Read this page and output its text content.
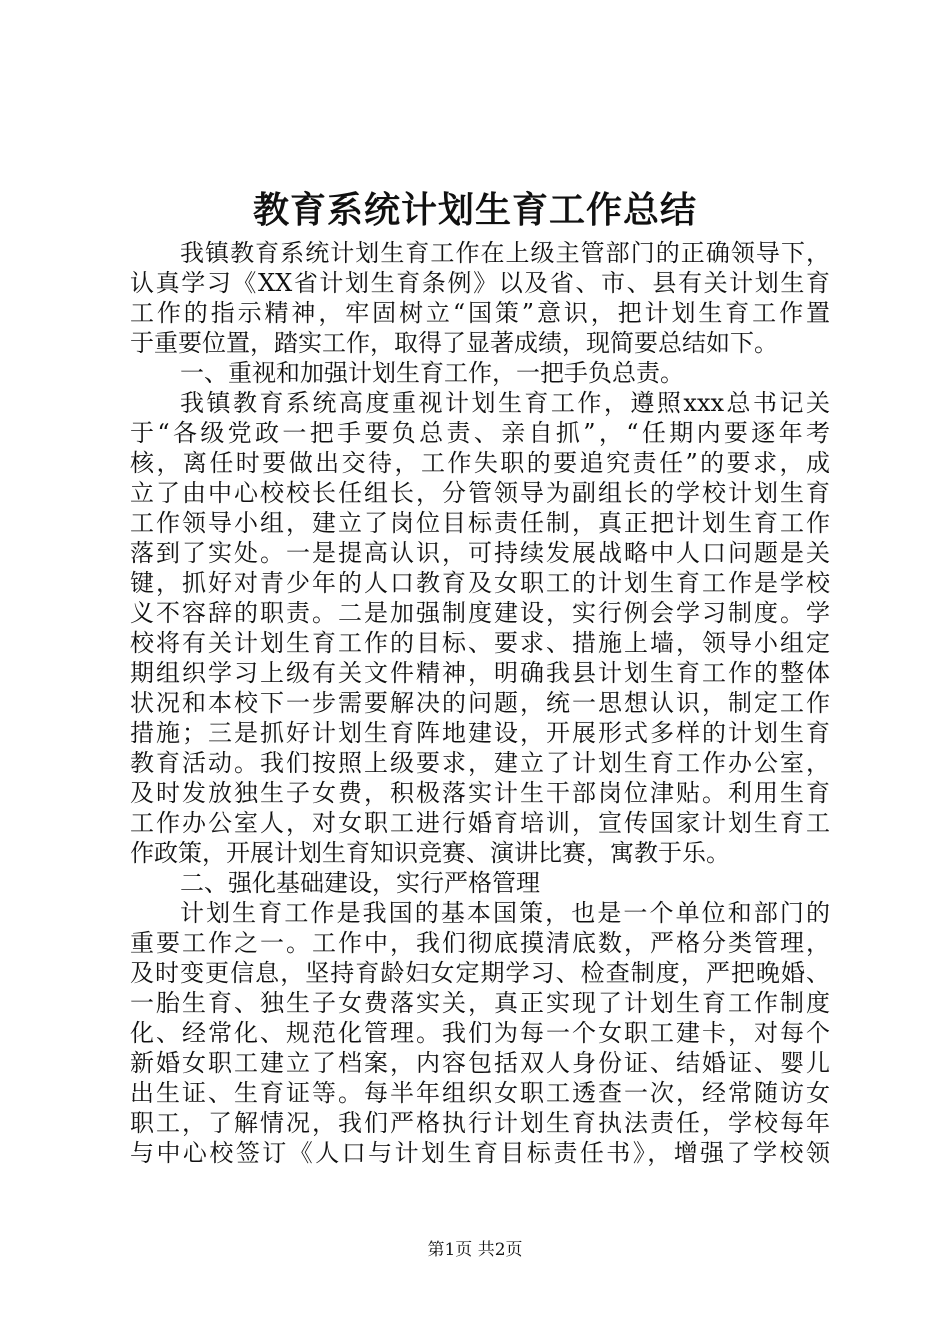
教育系统计划生育工作总结
我镇教育系统计划生育工作在上级主管部门的正确领导下，
认真学习《XX省计划生育条例》以及省、市、县有关计划生育
工作的指示精神，牢固树立“国策”意识，把计划生育工作置
于重要位置，踏实工作，取得了显著成绩，现简要总结如下。
一、重视和加强计划生育工作，一把手负总责。
我镇教育系统高度重视计划生育工作，遵照xxx总书记关
于“各级党政一把手要负总责、亲自抓”，“任期内要逐年考
核，离任时要做出交待，工作失职的要追究责任”的要求，成
立了由中心校校长任组长，分管领导为副组长的学校计划生育
工作领导小组，建立了岗位目标责任制，真正把计划生育工作
落到了实处。一是提高认识，可持续发展战略中人口问题是关
键，抓好对青少年的人口教育及女职工的计划生育工作是学校
义不容辞的职责。二是加强制度建设，实行例会学习制度。学
校将有关计划生育工作的目标、要求、措施上墙，领导小组定
期组织学习上级有关文件精神，明确我县计划生育工作的整体
状况和本校下一步需要解决的问题，统一思想认识，制定工作
措施；三是抓好计划生育阵地建设，开展形式多样的计划生育
教育活动。我们按照上级要求，建立了计划生育工作办公室，
及时发放独生子女费，积极落实计生干部岗位津贴。利用生育
工作办公室人，对女职工进行婚育培训，宣传国家计划生育工
作政策，开展计划生育知识竞赛、演讲比赛，寓教于乐。
二、强化基础建设，实行严格管理
计划生育工作是我国的基本国策，也是一个单位和部门的
重要工作之一。工作中，我们彻底摸清底数，严格分类管理，
及时变更信息，坚持育龄妇女定期学习、检查制度，严把晚婚、
一胎生育、独生子女费落实关，真正实现了计划生育工作制度
化、经常化、规范化管理。我们为每一个女职工建卡，对每个
新婚女职工建立了档案，内容包括双人身份证、结婚证、婴儿
出生证、生育证等。每半年组织女职工透查一次，经常随访女
职工，了解情况，我们严格执行计划生育执法责任，学校每年
与中心校签订《人口与计划生育目标责任书》，增强了学校领
第1页 共2页
